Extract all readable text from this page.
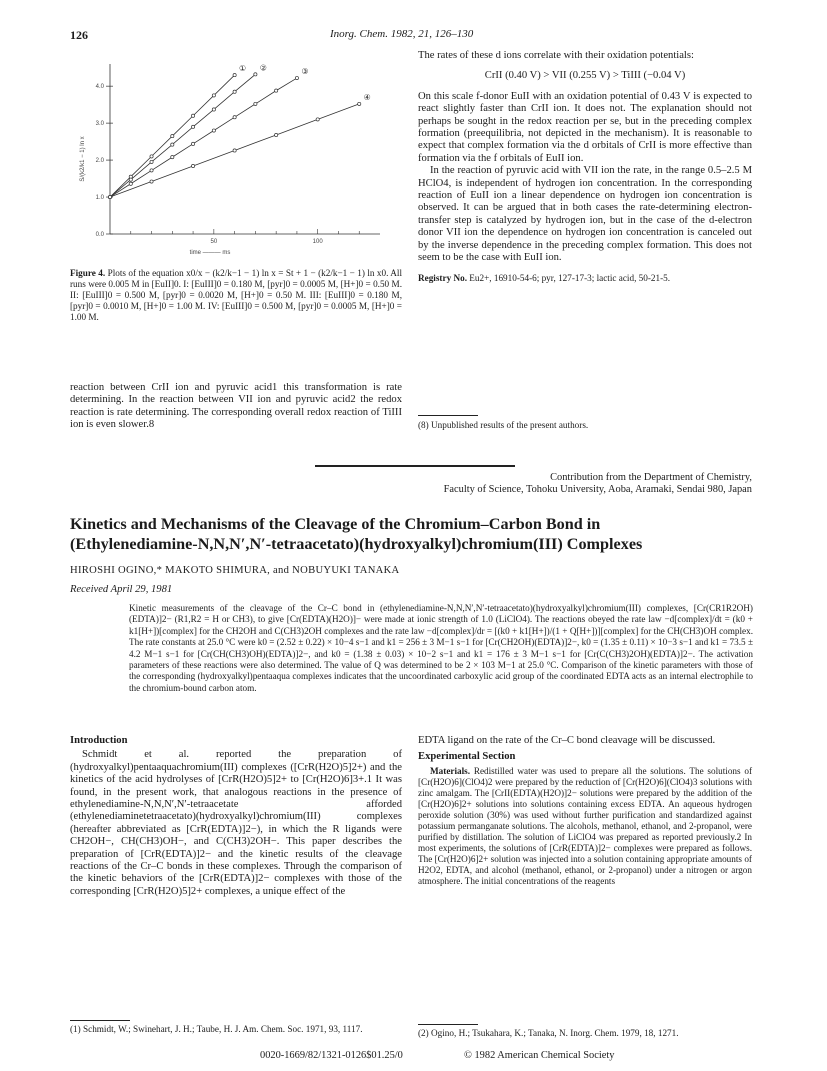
126	Inorg. Chem. 1982, 21, 126–130
0.0
1.0
2.0
3.0
4.0
50	100
time ——— ms
S/(k2/k1 − 1) ln x
① ②	③
④
Figure 4. Plots of the equation x0/x − (k2/k−1 − 1) ln x = St + 1 − (k2/k−1 − 1) ln x0. All runs were 0.005 M in [EuII]0. I: [EuIII]0 = 0.180 M, [pyr]0 = 0.0005 M, [H+]0 = 0.50 M. II: [EuIII]0 = 0.500 M, [pyr]0 = 0.0020 M, [H+]0 = 0.50 M. III: [EuIII]0 = 0.180 M, [pyr]0 = 0.0010 M, [H+]0 = 1.00 M. IV: [EuIII]0 = 0.500 M, [pyr]0 = 0.0005 M, [H+]0 = 1.00 M.
reaction between CrII ion and pyruvic acid1 this transformation is rate determining. In the reaction between VII ion and pyruvic acid2 the redox reaction is rate determining. The corresponding overall redox reaction of TiIII ion is even slower.8

The rates of these d ions correlate with their oxidation potentials:

CrII (0.40 V) > VII (0.255 V) > TiIII (−0.04 V)

On this scale f-donor EuII with an oxidation potential of 0.43 V is expected to react slightly faster than CrII ion. It does not. The explanation should not perhaps be sought in the redox reaction per se, but in the preceding complex formation (preequilibria, not depicted in the mechanism). It is reasonable to expect that complex formation via the d orbitals of CrII is more effective than formation via the f orbitals of EuII ion.

In the reaction of pyruvic acid with VII ion the rate, in the range 0.5–2.5 M HClO4, is independent of hydrogen ion concentration. In the corresponding reaction of EuII ion a linear dependence on hydrogen ion concentration is observed. It can be argued that in both cases the rate-determining electron-transfer step is catalyzed by hydrogen ion, but in the case of the d-electron donor VII ion the dependence on hydrogen ion concentration is canceled out by the inverse dependence in the preceding complex formation. This does not seem to be the case with EuII ion.

Registry No. Eu2+, 16910-54-6; pyr, 127-17-3; lactic acid, 50-21-5.

(8) Unpublished results of the present authors.
Contribution from the Department of Chemistry,
Faculty of Science, Tohoku University, Aoba, Aramaki, Sendai 980, Japan
Kinetics and Mechanisms of the Cleavage of the Chromium–Carbon Bond in
(Ethylenediamine-N,N,N′,N′-tetraacetato)(hydroxyalkyl)chromium(III) Complexes
HIROSHI OGINO,* MAKOTO SHIMURA, and NOBUYUKI TANAKA
Received April 29, 1981
Kinetic measurements of the cleavage of the Cr–C bond in (ethylenediamine-N,N,N′,N′-tetraacetato)(hydroxyalkyl)chromium(III) complexes, [Cr(CR1R2OH)(EDTA)]2− (R1,R2 = H or CH3), to give [Cr(EDTA)(H2O)]− were made at ionic strength of 1.0 (LiClO4). The reactions obeyed the rate law −d[complex]/dt = (k0 + k1[H+])[complex] for the CH2OH and C(CH3)2OH complexes and the rate law −d[complex]/dr = [(k0 + k1[H+])/(1 + Q[H+])][complex] for the CH(CH3)OH complex. The rate constants at 25.0 °C were k0 = (2.52 ± 0.22) × 10−4 s−1 and k1 = 256 ± 3 M−1 s−1 for [Cr(CH2OH)(EDTA)]2−, k0 = (1.35 ± 0.11) × 10−3 s−1 and k1 = 73.5 ± 4.2 M−1 s−1 for [Cr(CH(CH3)OH)(EDTA)]2−, and k0 = (1.38 ± 0.03) × 10−2 s−1 and k1 = 176 ± 3 M−1 s−1 for [Cr(C(CH3)2OH)(EDTA)]2−. The activation parameters of these reactions were also determined. The value of Q was determined to be 2 × 103 M−1 at 25.0 °C. Comparison of the kinetic parameters with those of the corresponding (hydroxyalkyl)pentaaqua complexes indicates that the uncoordinated carboxylic acid group of the coordinated EDTA acts as an internal electrophile to the chromium-bound carbon atom.
Introduction

Schmidt et al. reported the preparation of (hydroxyalkyl)pentaaquachromium(III) complexes ([CrR(H2O)5]2+) and the kinetics of the acid hydrolyses of [CrR(H2O)5]2+ to [Cr(H2O)6]3+.1 It was found, in the present work, that analogous reactions in the presence of ethylenediamine-N,N,N′,N′-tetraacetate afforded (ethylenediaminetetraacetato)(hydroxyalkyl)chromium(III) complexes (hereafter abbreviated as [CrR(EDTA)]2−), in which the R ligands were CH2OH−, CH(CH3)OH−, and C(CH3)2OH−. This paper describes the preparation of [CrR(EDTA)]2− and the kinetic results of the cleavage reactions of the Cr–C bonds in these complexes. Through the comparison of the kinetic behaviors of the [CrR(EDTA)]2− complexes with those of the corresponding [CrR(H2O)5]2+ complexes, a unique effect of the

(1) Schmidt, W.; Swinehart, J. H.; Taube, H. J. Am. Chem. Soc. 1971, 93, 1117.

EDTA ligand on the rate of the Cr–C bond cleavage will be discussed.

Experimental Section

Materials. Redistilled water was used to prepare all the solutions. The solutions of [Cr(H2O)6](ClO4)2 were prepared by the reduction of [Cr(H2O)6](ClO4)3 solutions with zinc amalgam. The [CrII(EDTA)(H2O)]2− solutions were prepared by the addition of the [Cr(H2O)6]2+ solutions into solutions containing excess EDTA. An aqueous hydrogen peroxide solution (30%) was used without further purification and standardized against potassium permanganate solutions. The alcohols, methanol, ethanol, and 2-propanol, were purified by distillation. The solution of LiClO4 was prepared as reported previously.2 In most experiments, the solutions of [CrR(EDTA)]2− complexes were prepared as follows. The [Cr(H2O)6]2+ solution was injected into a solution containing appropriate amounts of H2O2, EDTA, and alcohol (methanol, ethanol, or 2-propanol) under a nitrogen or argon atmosphere. The initial concentrations of the reagents

(2) Ogino, H.; Tsukahara, K.; Tanaka, N. Inorg. Chem. 1979, 18, 1271.
0020-1669/82/1321-0126$01.25/0	© 1982 American Chemical Society
